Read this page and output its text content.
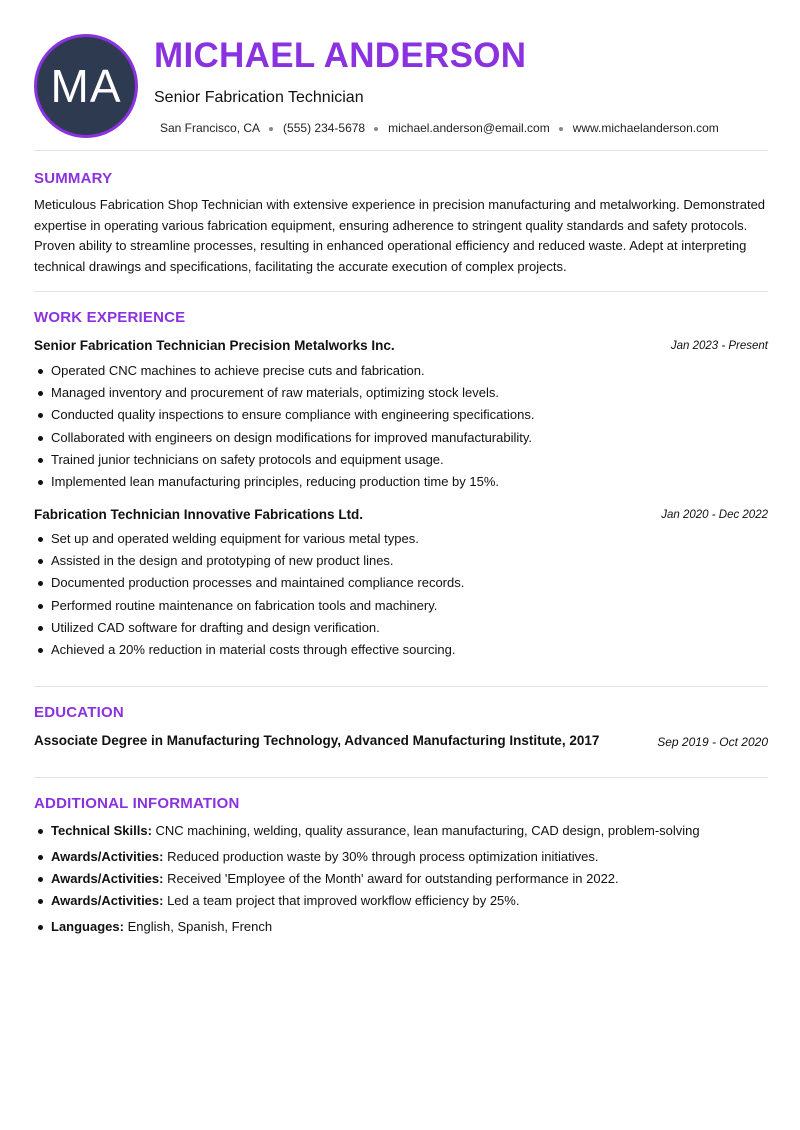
MA
MICHAEL ANDERSON
Senior Fabrication Technician
San Francisco, CA (555) 234-5678 michael.anderson@email.com www.michaelanderson.com
SUMMARY

Meticulous Fabrication Shop Technician with extensive experience in precision manufacturing and metalworking. Demonstrated expertise in operating various fabrication equipment, ensuring adherence to stringent quality standards and safety protocols. Proven ability to streamline processes, resulting in enhanced operational efficiency and reduced waste. Adept at interpreting technical drawings and specifications, facilitating the accurate execution of complex projects.

WORK EXPERIENCE
Senior Fabrication Technician Precision Metalworks Inc.	Jan 2023 - Present
Operated CNC machines to achieve precise cuts and fabrication.
Managed inventory and procurement of raw materials, optimizing stock levels.
Conducted quality inspections to ensure compliance with engineering specifications.
Collaborated with engineers on design modifications for improved manufacturability.
Trained junior technicians on safety protocols and equipment usage.
Implemented lean manufacturing principles, reducing production time by 15%.
Fabrication Technician Innovative Fabrications Ltd.	Jan 2020 - Dec 2022
Set up and operated welding equipment for various metal types.
Assisted in the design and prototyping of new product lines.
Documented production processes and maintained compliance records.
Performed routine maintenance on fabrication tools and machinery.
Utilized CAD software for drafting and design verification.
Achieved a 20% reduction in material costs through effective sourcing.
EDUCATION
Associate Degree in Manufacturing Technology, Advanced Manufacturing Institute, 2017	Sep 2019 - Oct 2020
ADDITIONAL INFORMATION
Technical Skills: CNC machining, welding, quality assurance, lean manufacturing, CAD design, problem-solving
Awards/Activities: Reduced production waste by 30% through process optimization initiatives.
Awards/Activities: Received 'Employee of the Month' award for outstanding performance in 2022.
Awards/Activities: Led a team project that improved workflow efficiency by 25%.
Languages: English, Spanish, French
